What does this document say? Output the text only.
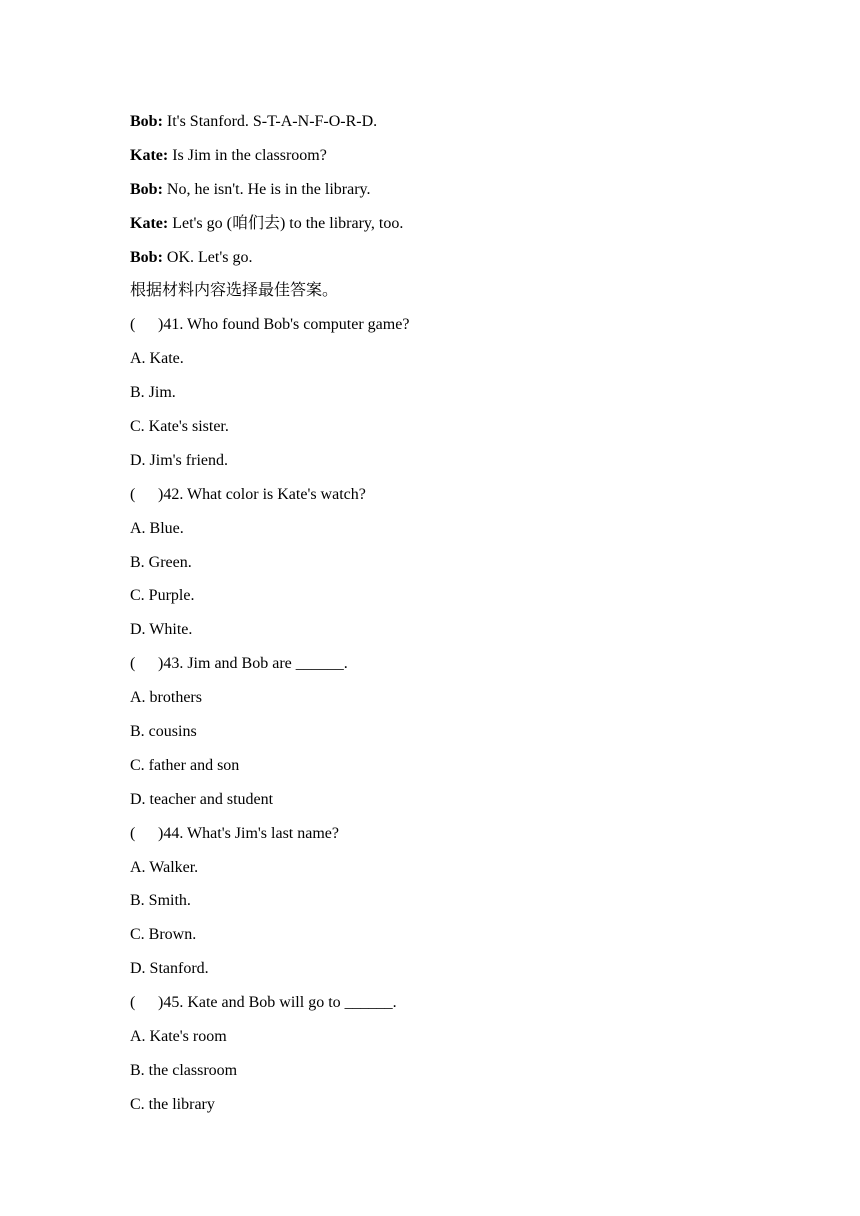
Bob: It's Stanford. S-T-A-N-F-O-R-D.
Kate: Is Jim in the classroom?
Bob: No, he isn't. He is in the library.
Kate: Let's go (咱们去) to the library, too.
Bob: OK. Let's go.
根据材料内容选择最佳答案。
( )41. Who found Bob's computer game?
A. Kate.
B. Jim.
C. Kate's sister.
D. Jim's friend.
( )42. What color is Kate's watch?
A. Blue.
B. Green.
C. Purple.
D. White.
( )43. Jim and Bob are ______.
A. brothers
B. cousins
C. father and son
D. teacher and student
( )44. What's Jim's last name?
A. Walker.
B. Smith.
C. Brown.
D. Stanford.
( )45. Kate and Bob will go to ______.
A. Kate's room
B. the classroom
C. the library
